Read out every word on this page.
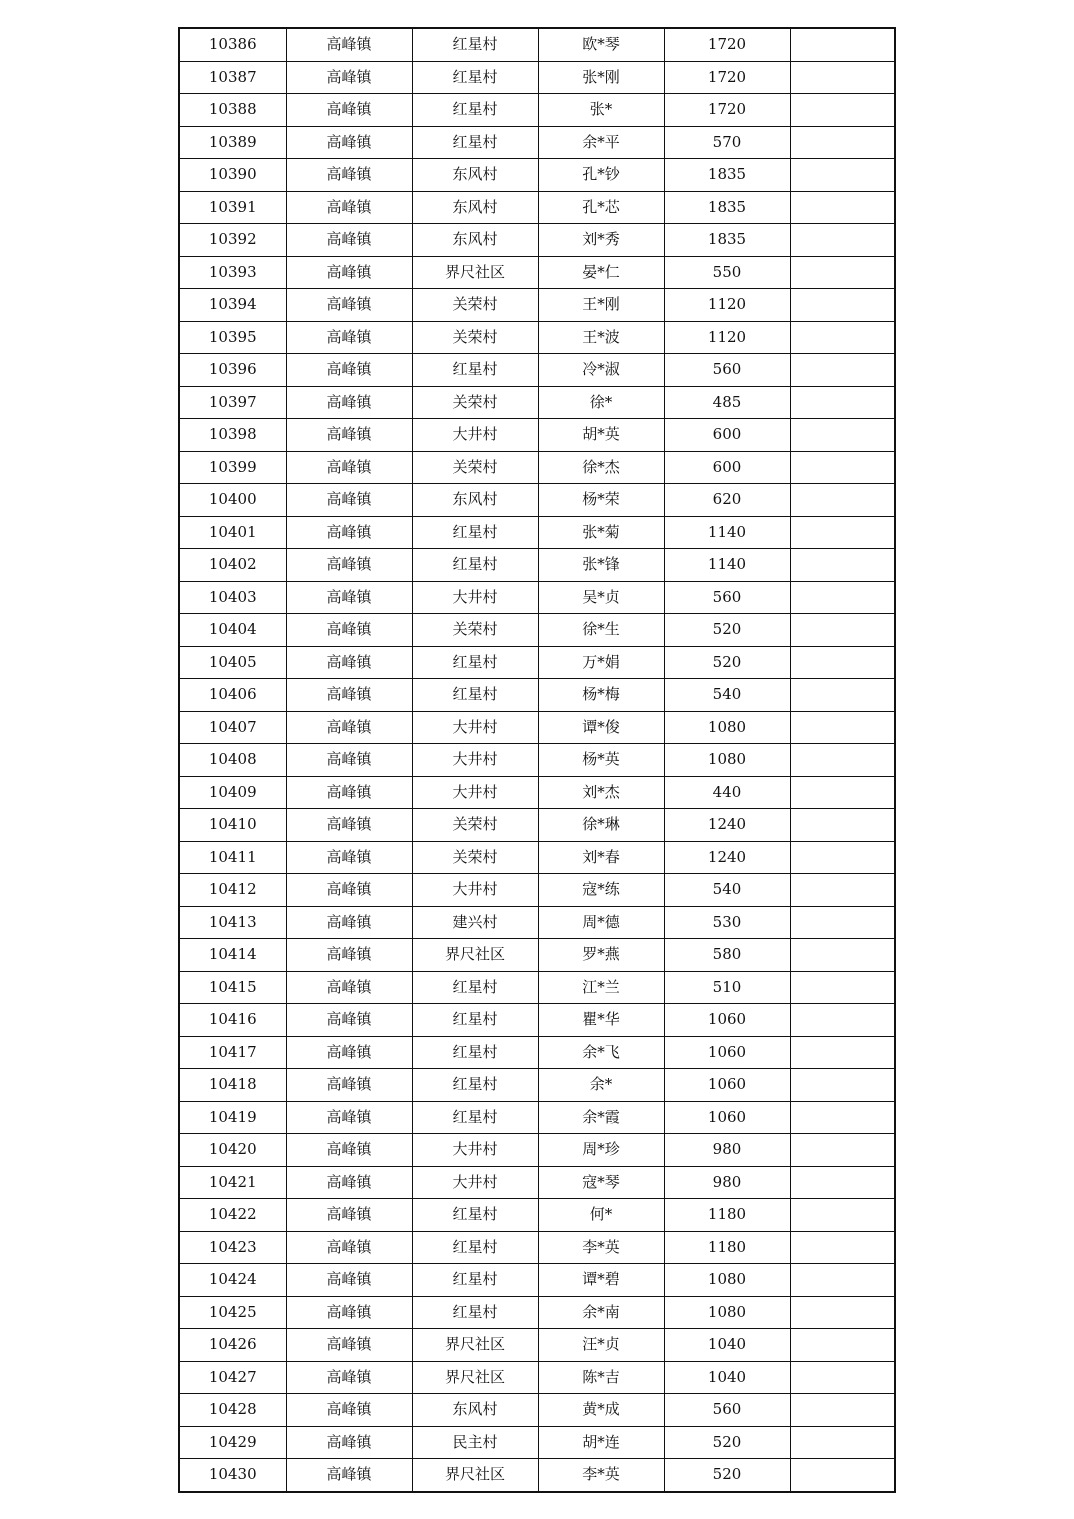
10386	高峰镇	红星村	欧*琴	1720	
10387	高峰镇	红星村	张*刚	1720	
10388	高峰镇	红星村	张*	1720	
10389	高峰镇	红星村	余*平	570	
10390	高峰镇	东风村	孔*钞	1835	
10391	高峰镇	东风村	孔*芯	1835	
10392	高峰镇	东风村	刘*秀	1835	
10393	高峰镇	界尺社区	晏*仁	550	
10394	高峰镇	关荣村	王*刚	1120	
10395	高峰镇	关荣村	王*波	1120	
10396	高峰镇	红星村	冷*淑	560	
10397	高峰镇	关荣村	徐*	485	
10398	高峰镇	大井村	胡*英	600	
10399	高峰镇	关荣村	徐*杰	600	
10400	高峰镇	东风村	杨*荣	620	
10401	高峰镇	红星村	张*菊	1140	
10402	高峰镇	红星村	张*锋	1140	
10403	高峰镇	大井村	吴*贞	560	
10404	高峰镇	关荣村	徐*生	520	
10405	高峰镇	红星村	万*娟	520	
10406	高峰镇	红星村	杨*梅	540	
10407	高峰镇	大井村	谭*俊	1080	
10408	高峰镇	大井村	杨*英	1080	
10409	高峰镇	大井村	刘*杰	440	
10410	高峰镇	关荣村	徐*琳	1240	
10411	高峰镇	关荣村	刘*春	1240	
10412	高峰镇	大井村	寇*练	540	
10413	高峰镇	建兴村	周*德	530	
10414	高峰镇	界尺社区	罗*燕	580	
10415	高峰镇	红星村	江*兰	510	
10416	高峰镇	红星村	瞿*华	1060	
10417	高峰镇	红星村	余*飞	1060	
10418	高峰镇	红星村	余*	1060	
10419	高峰镇	红星村	余*霞	1060	
10420	高峰镇	大井村	周*珍	980	
10421	高峰镇	大井村	寇*琴	980	
10422	高峰镇	红星村	何*	1180	
10423	高峰镇	红星村	李*英	1180	
10424	高峰镇	红星村	谭*碧	1080	
10425	高峰镇	红星村	余*南	1080	
10426	高峰镇	界尺社区	汪*贞	1040	
10427	高峰镇	界尺社区	陈*吉	1040	
10428	高峰镇	东风村	黄*成	560	
10429	高峰镇	民主村	胡*连	520	
10430	高峰镇	界尺社区	李*英	520	
